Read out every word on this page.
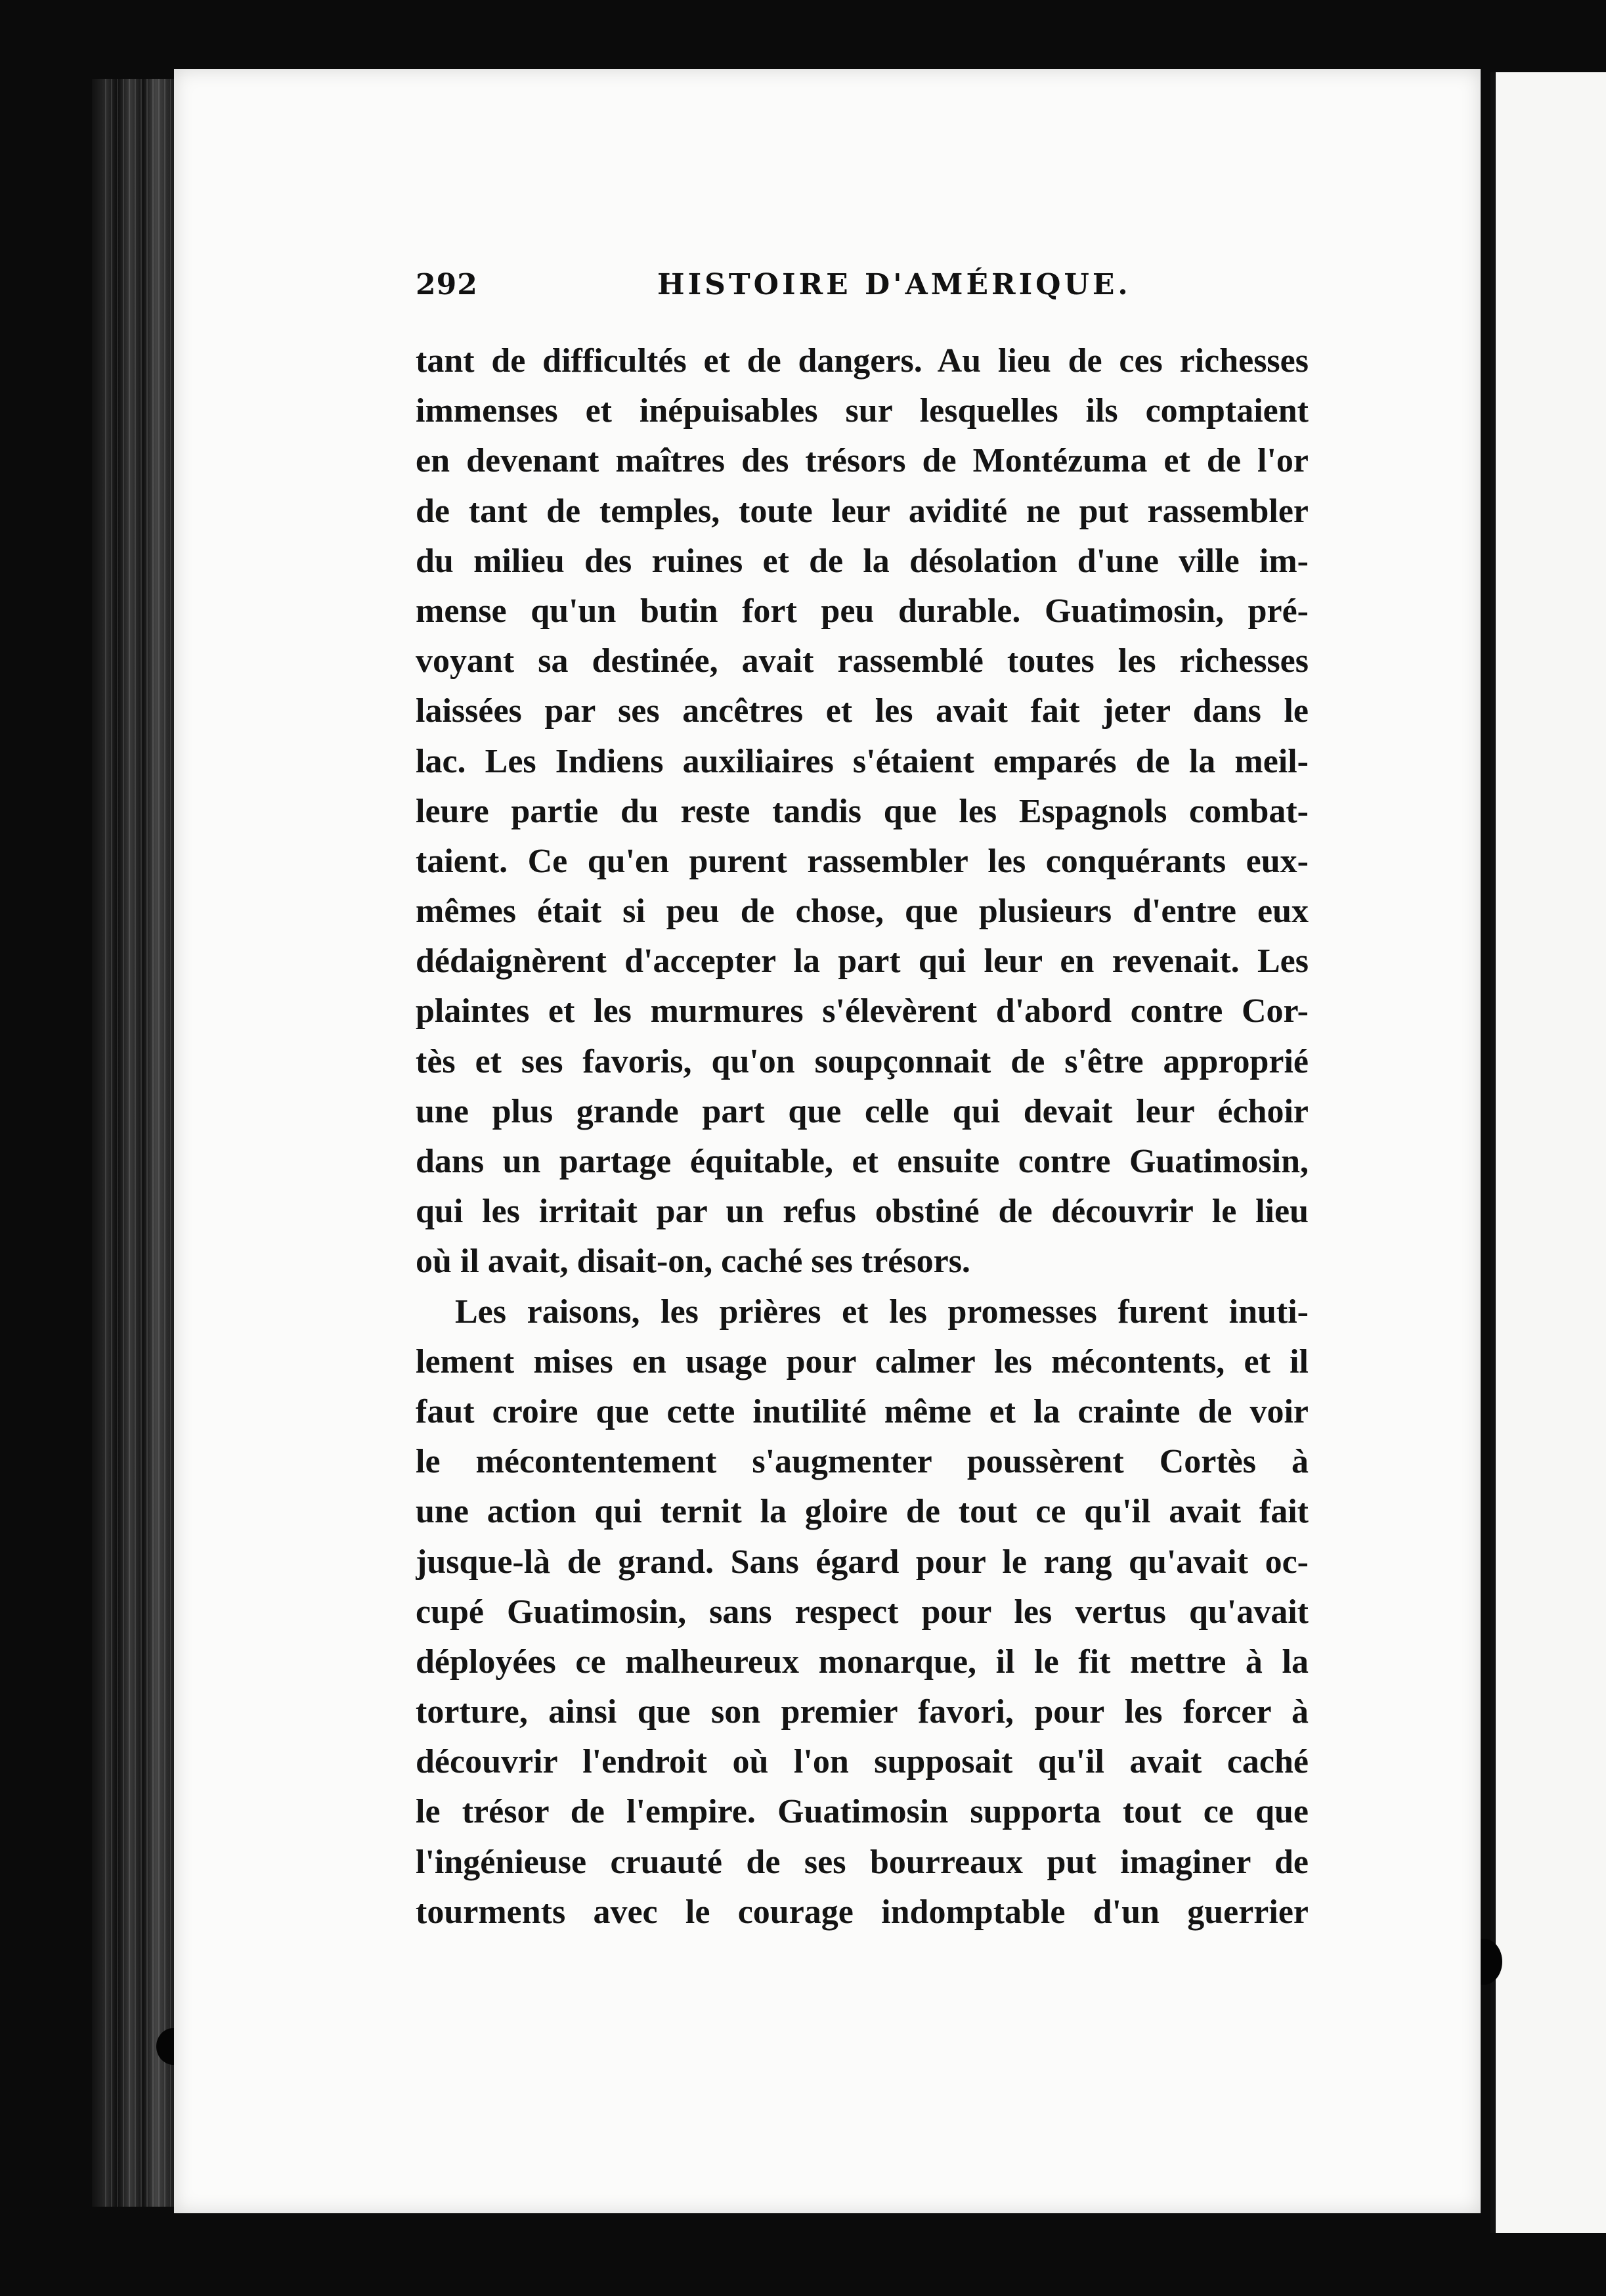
292	HISTOIRE D'AMÉRIQUE.
tant de difficultés et de dangers. Au lieu de ces richesses
immenses et inépuisables sur lesquelles ils comptaient
en devenant maîtres des trésors de Montézuma et de l'or
de tant de temples, toute leur avidité ne put rassembler
du milieu des ruines et de la désolation d'une ville im-
mense qu'un butin fort peu durable. Guatimosin, pré-
voyant sa destinée, avait rassemblé toutes les richesses
laissées par ses ancêtres et les avait fait jeter dans le
lac. Les Indiens auxiliaires s'étaient emparés de la meil-
leure partie du reste tandis que les Espagnols combat-
taient. Ce qu'en purent rassembler les conquérants eux-
mêmes était si peu de chose, que plusieurs d'entre eux
dédaignèrent d'accepter la part qui leur en revenait. Les
plaintes et les murmures s'élevèrent d'abord contre Cor-
tès et ses favoris, qu'on soupçonnait de s'être approprié
une plus grande part que celle qui devait leur échoir
dans un partage équitable, et ensuite contre Guatimosin,
qui les irritait par un refus obstiné de découvrir le lieu
où il avait, disait-on, caché ses trésors.
Les raisons, les prières et les promesses furent inuti-
lement mises en usage pour calmer les mécontents, et il
faut croire que cette inutilité même et la crainte de voir
le mécontentement s'augmenter poussèrent Cortès à
une action qui ternit la gloire de tout ce qu'il avait fait
jusque-là de grand. Sans égard pour le rang qu'avait oc-
cupé Guatimosin, sans respect pour les vertus qu'avait
déployées ce malheureux monarque, il le fit mettre à la
torture, ainsi que son premier favori, pour les forcer à
découvrir l'endroit où l'on supposait qu'il avait caché
le trésor de l'empire. Guatimosin supporta tout ce que
l'ingénieuse cruauté de ses bourreaux put imaginer de
tourments avec le courage indomptable d'un guerrier
